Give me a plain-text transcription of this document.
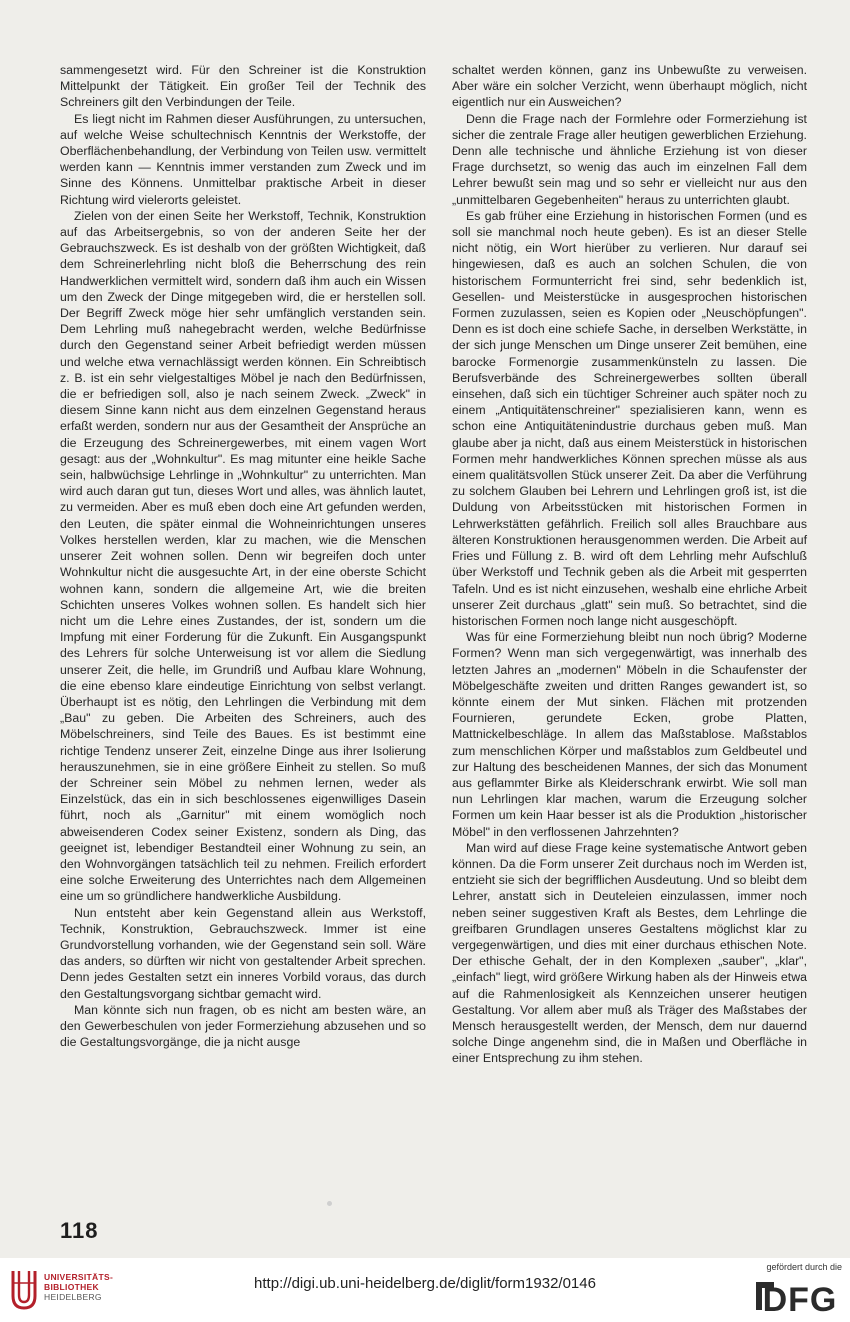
sammengesetzt wird. Für den Schreiner ist die Konstruktion Mittelpunkt der Tätigkeit. Ein großer Teil der Technik des Schreiners gilt den Verbindungen der Teile.

Es liegt nicht im Rahmen dieser Ausführungen, zu untersuchen, auf welche Weise schultechnisch Kenntnis der Werkstoffe, der Oberflächenbehandlung, der Verbindung von Teilen usw. vermittelt werden kann — Kenntnis immer verstanden zum Zweck und im Sinne des Könnens. Unmittelbar praktische Arbeit in dieser Richtung wird vielerorts geleistet.

Zielen von der einen Seite her Werkstoff, Technik, Konstruktion auf das Arbeitsergebnis, so von der anderen Seite her der Gebrauchszweck. Es ist deshalb von der größten Wichtigkeit, daß dem Schreinerlehrling nicht bloß die Beherrschung des rein Handwerklichen vermittelt wird, sondern daß ihm auch ein Wissen um den Zweck der Dinge mitgegeben wird, die er herstellen soll. Der Begriff Zweck möge hier sehr umfänglich verstanden sein. Dem Lehrling muß nahegebracht werden, welche Bedürfnisse durch den Gegenstand seiner Arbeit befriedigt werden müssen und welche etwa vernachlässigt werden können. Ein Schreibtisch z. B. ist ein sehr vielgestaltiges Möbel je nach den Bedürfnissen, die er befriedigen soll, also je nach seinem Zweck. „Zweck" in diesem Sinne kann nicht aus dem einzelnen Gegenstand heraus erfaßt werden, sondern nur aus der Gesamtheit der Ansprüche an die Erzeugung des Schreinergewerbes, mit einem vagen Wort gesagt: aus der „Wohnkultur". Es mag mitunter eine heikle Sache sein, halbwüchsige Lehrlinge in „Wohnkultur" zu unterrichten. Man wird auch daran gut tun, dieses Wort und alles, was ähnlich lautet, zu vermeiden. Aber es muß eben doch eine Art gefunden werden, den Leuten, die später einmal die Wohneinrichtungen unseres Volkes herstellen werden, klar zu machen, wie die Menschen unserer Zeit wohnen sollen. Denn wir begreifen doch unter Wohnkultur nicht die ausgesuchte Art, in der eine oberste Schicht wohnen kann, sondern die allgemeine Art, wie die breiten Schichten unseres Volkes wohnen sollen. Es handelt sich hier nicht um die Lehre eines Zustandes, der ist, sondern um die Impfung mit einer Forderung für die Zukunft. Ein Ausgangspunkt des Lehrers für solche Unterweisung ist vor allem die Siedlung unserer Zeit, die helle, im Grundriß und Aufbau klare Wohnung, die eine ebenso klare eindeutige Einrichtung von selbst verlangt. Überhaupt ist es nötig, den Lehrlingen die Verbindung mit dem „Bau" zu geben. Die Arbeiten des Schreiners, auch des Möbelschreiners, sind Teile des Baues. Es ist bestimmt eine richtige Tendenz unserer Zeit, einzelne Dinge aus ihrer Isolierung herauszunehmen, sie in eine größere Einheit zu stellen. So muß der Schreiner sein Möbel zu nehmen lernen, weder als Einzelstück, das ein in sich beschlossenes eigenwilliges Dasein führt, noch als „Garnitur" mit einem womöglich noch abweisenderen Codex seiner Existenz, sondern als Ding, das geeignet ist, lebendiger Bestandteil einer Wohnung zu sein, an den Wohnvorgängen tatsächlich teil zu nehmen. Freilich erfordert eine solche Erweiterung des Unterrichtes nach dem Allgemeinen eine um so gründlichere handwerkliche Ausbildung.

Nun entsteht aber kein Gegenstand allein aus Werkstoff, Technik, Konstruktion, Gebrauchszweck. Immer ist eine Grundvorstellung vorhanden, wie der Gegenstand sein soll. Wäre das anders, so dürften wir nicht von gestaltender Arbeit sprechen. Denn jedes Gestalten setzt ein inneres Vorbild voraus, das durch den Gestaltungsvorgang sichtbar gemacht wird.

Man könnte sich nun fragen, ob es nicht am besten wäre, an den Gewerbeschulen von jeder Formerziehung abzusehen und so die Gestaltungsvorgänge, die ja nicht ausge

schaltet werden können, ganz ins Unbewußte zu verweisen. Aber wäre ein solcher Verzicht, wenn überhaupt möglich, nicht eigentlich nur ein Ausweichen?

Denn die Frage nach der Formlehre oder Formerziehung ist sicher die zentrale Frage aller heutigen gewerblichen Erziehung. Denn alle technische und ähnliche Erziehung ist von dieser Frage durchsetzt, so wenig das auch im einzelnen Fall dem Lehrer bewußt sein mag und so sehr er vielleicht nur aus den „unmittelbaren Gegebenheiten" heraus zu unterrichten glaubt.

Es gab früher eine Erziehung in historischen Formen (und es soll sie manchmal noch heute geben). Es ist an dieser Stelle nicht nötig, ein Wort hierüber zu verlieren. Nur darauf sei hingewiesen, daß es auch an solchen Schulen, die von historischem Formunterricht frei sind, sehr bedenklich ist, Gesellen- und Meisterstücke in ausgesprochen historischen Formen zuzulassen, seien es Kopien oder „Neuschöpfungen". Denn es ist doch eine schiefe Sache, in derselben Werkstätte, in der sich junge Menschen um Dinge unserer Zeit bemühen, eine barocke Formenorgie zusammenkünsteln zu lassen. Die Berufsverbände des Schreinergewerbes sollten überall einsehen, daß sich ein tüchtiger Schreiner auch später noch zu einem „Antiquitätenschreiner" spezialisieren kann, wenn es schon eine Antiquitätenindustrie durchaus geben muß. Man glaube aber ja nicht, daß aus einem Meisterstück in historischen Formen mehr handwerkliches Können sprechen müsse als aus einem qualitätsvollen Stück unserer Zeit. Da aber die Verführung zu solchem Glauben bei Lehrern und Lehrlingen groß ist, ist die Duldung von Arbeitsstücken mit historischen Formen in Lehrwerkstätten gefährlich. Freilich soll alles Brauchbare aus älteren Konstruktionen herausgenommen werden. Die Arbeit auf Fries und Füllung z. B. wird oft dem Lehrling mehr Aufschluß über Werkstoff und Technik geben als die Arbeit mit gesperrten Tafeln. Und es ist nicht einzusehen, weshalb eine ehrliche Arbeit unserer Zeit durchaus „glatt" sein muß. So betrachtet, sind die historischen Formen noch lange nicht ausgeschöpft.

Was für eine Formerziehung bleibt nun noch übrig? Moderne Formen? Wenn man sich vergegenwärtigt, was innerhalb des letzten Jahres an „modernen" Möbeln in die Schaufenster der Möbelgeschäfte zweiten und dritten Ranges gewandert ist, so könnte einem der Mut sinken. Flächen mit protzenden Fournieren, gerundete Ecken, grobe Platten, Mattnickelbeschläge. In allem das Maßstablose. Maßstablos zum menschlichen Körper und maßstablos zum Geldbeutel und zur Haltung des bescheidenen Mannes, der sich das Monument aus geflammter Birke als Kleiderschrank erwirbt. Wie soll man nun Lehrlingen klar machen, warum die Erzeugung solcher Formen um kein Haar besser ist als die Produktion „historischer Möbel" in den verflossenen Jahrzehnten?

Man wird auf diese Frage keine systematische Antwort geben können. Da die Form unserer Zeit durchaus noch im Werden ist, entzieht sie sich der begrifflichen Ausdeutung. Und so bleibt dem Lehrer, anstatt sich in Deuteleien einzulassen, immer noch neben seiner suggestiven Kraft als Bestes, dem Lehrlinge die greifbaren Grundlagen unseres Gestaltens möglichst klar zu vergegenwärtigen, und dies mit einer durchaus ethischen Note. Der ethische Gehalt, der in den Komplexen „sauber", „klar", „einfach" liegt, wird größere Wirkung haben als der Hinweis etwa auf die Rahmenlosigkeit als Kennzeichen unserer heutigen Gestaltung. Vor allem aber muß als Träger des Maßstabes der Mensch herausgestellt werden, der Mensch, dem nur dauernd solche Dinge angenehm sind, die in Maßen und Oberfläche in einer Entsprechung zu ihm stehen.

118
UNIVERSITÄTS-
BIBLIOTHEK
HEIDELBERG
http://digi.ub.uni-heidelberg.de/diglit/form1932/0146
gefördert durch die
DFG
